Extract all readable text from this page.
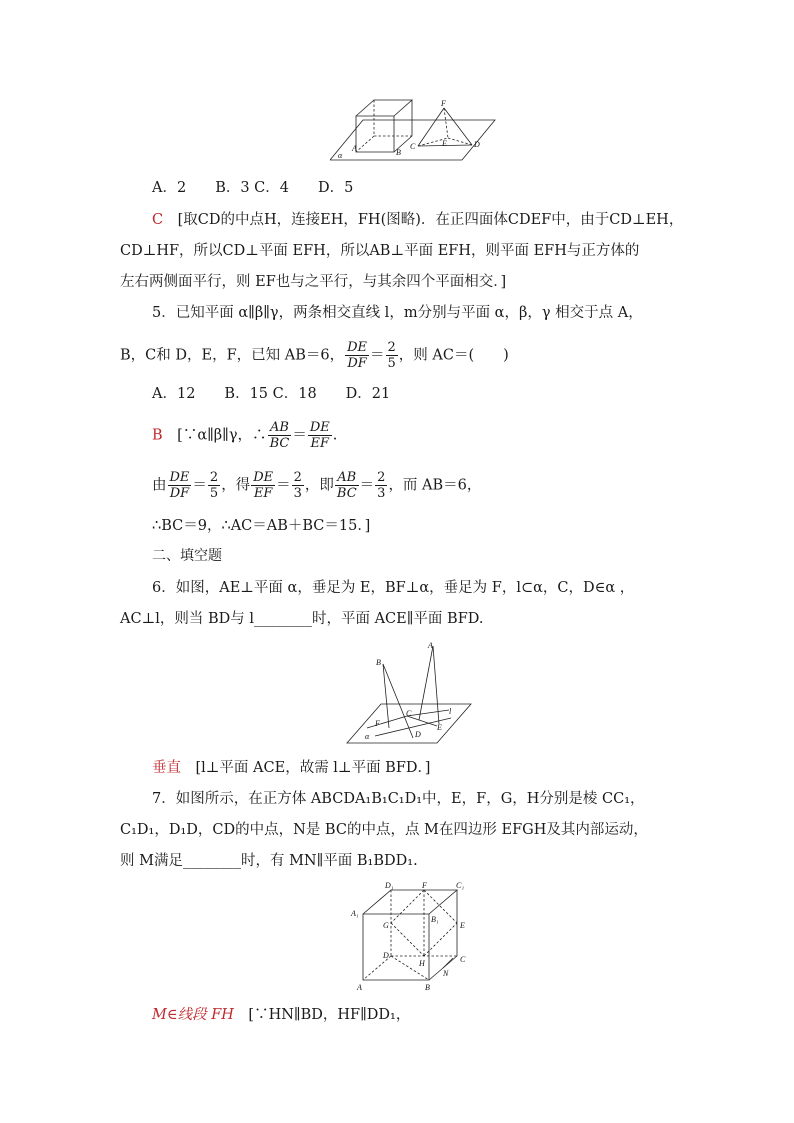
F
A	B
C	E	D
α
A．2　　B．3 C．4　　D．5
C　 [取CD的中点H，连接EH，FH(图略)．在正四面体CDEF中，由于CD⊥EH，
CD⊥HF，所以CD⊥平面 EFH，所以AB⊥平面 EFH，则平面 EFH与正方体的
左右两侧面平行，则 EF也与之平行，与其余四个平面相交．]
5．已知平面 α∥β∥γ，两条相交直线 l，m分别与平面 α，β，γ 相交于点 A，
B，C和 D，E，F，已知 AB＝6， $\frac{DE}{DF} = \frac{2}{5}$ ，则 AC＝(　　)
A．12　　B．15 C．18　　D．21
B　 [∵α∥β∥γ，∴ $\frac{AB}{BC} = \frac{DE}{EF}$ .
由 $\frac{DE}{DF} = \frac{2}{5}$ ，得 $\frac{DE}{EF} = \frac{2}{3}$ ，即 $\frac{AB}{BC} = \frac{2}{3}$ ，而 AB＝6，
∴BC＝9，∴AC＝AB＋BC＝15．]
二、填空题
6．如图，AE⊥平面 α，垂足为 E，BF⊥α，垂足为 F，l⊂α，C，D∈α ，
AC⊥l，则当 BD与 l________时，平面 ACE∥平面 BFD.
A
B
C	l
F	E
D
α
垂直　 [l⊥平面 ACE，故需 l⊥平面 BFD．]
7．如图所示，在正方体 ABCDA₁B₁C₁D₁中，E，F，G，H分别是棱 CC₁，
C₁D₁，D₁D，CD的中点，N是 BC的中点，点 M在四边形 EFGH及其内部运动，
则 M满足________时，有 MN∥平面 B₁BDD₁.
D₁	F	C₁
A₁
B₁
G	E
D
H	C
N
A	B
M∈线段 FH　 [∵HN∥BD，HF∥DD₁，
